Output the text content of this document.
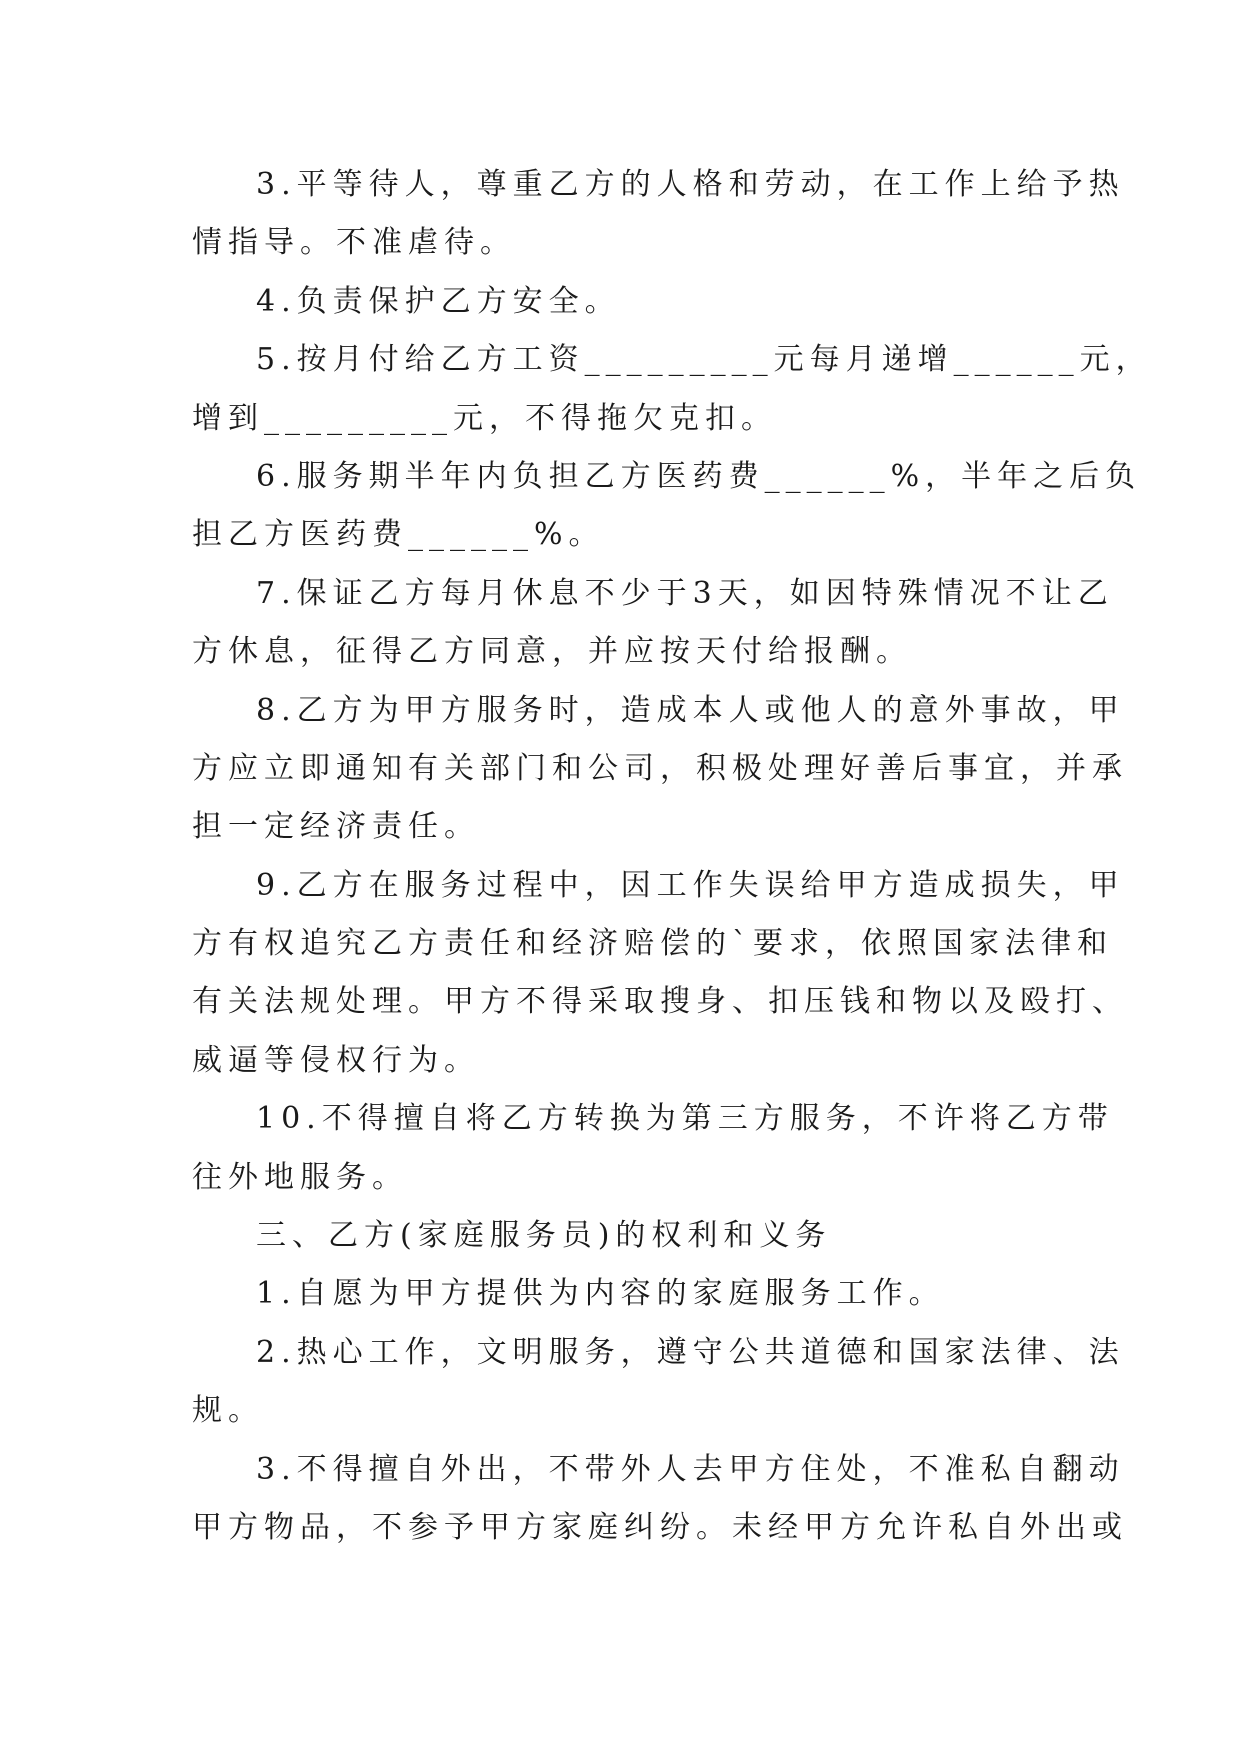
3.平等待人，尊重乙方的人格和劳动，在工作上给予热
情指导。不准虐待。
4.负责保护乙方安全。
5.按月付给乙方工资_________元每月递增______元，
增到_________元，不得拖欠克扣。
6.服务期半年内负担乙方医药费______%，半年之后负
担乙方医药费______%。
7.保证乙方每月休息不少于3天，如因特殊情况不让乙
方休息，征得乙方同意，并应按天付给报酬。
8.乙方为甲方服务时，造成本人或他人的意外事故，甲
方应立即通知有关部门和公司，积极处理好善后事宜，并承
担一定经济责任。
9.乙方在服务过程中，因工作失误给甲方造成损失，甲
方有权追究乙方责任和经济赔偿的`要求，依照国家法律和
有关法规处理。甲方不得采取搜身、扣压钱和物以及殴打、
威逼等侵权行为。
10.不得擅自将乙方转换为第三方服务，不许将乙方带
往外地服务。
三、乙方(家庭服务员)的权利和义务
1.自愿为甲方提供为内容的家庭服务工作。
2.热心工作，文明服务，遵守公共道德和国家法律、法
规。
3.不得擅自外出，不带外人去甲方住处，不准私自翻动
甲方物品，不参予甲方家庭纠纷。未经甲方允许私自外出或
